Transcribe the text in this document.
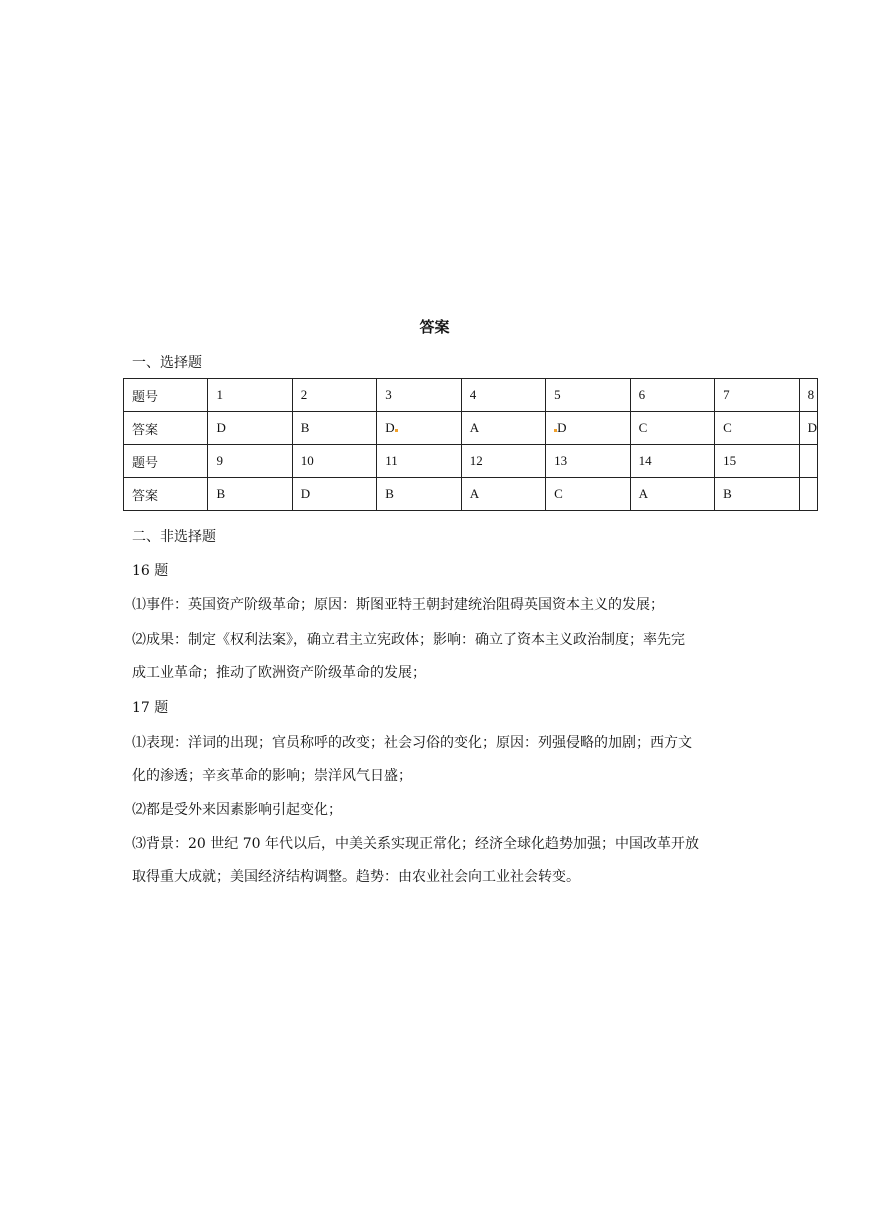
答案

一、选择题

题号	1	2	3	4	5	6	7	8
答案	D	B	D	A	D	C	C	D
题号	9	10	11	12	13	14	15	
答案	B	D	B	A	C	A	B	

二、非选择题

16 题

⑴事件：英国资产阶级革命；原因：斯图亚特王朝封建统治阻碍英国资本主义的发展；

⑵成果：制定《权利法案》，确立君主立宪政体；影响：确立了资本主义政治制度；率先完

成工业革命；推动了欧洲资产阶级革命的发展；

17 题

⑴表现：洋词的出现；官员称呼的改变；社会习俗的变化；原因：列强侵略的加剧；西方文

化的渗透；辛亥革命的影响；崇洋风气日盛；

⑵都是受外来因素影响引起变化；

⑶背景：20 世纪 70 年代以后，中美关系实现正常化；经济全球化趋势加强；中国改革开放

取得重大成就；美国经济结构调整。趋势：由农业社会向工业社会转变。
